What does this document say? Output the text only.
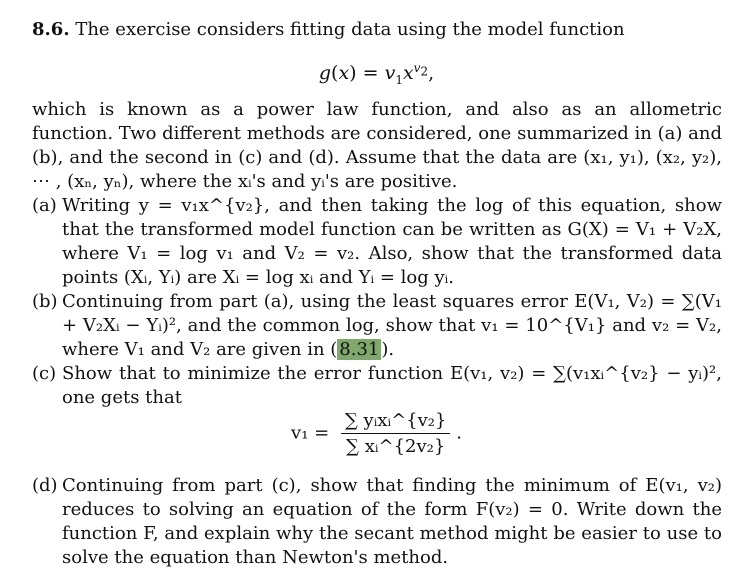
8.6. The exercise considers fitting data using the model function

$g(x) = v_1x^{v_2}$,

which is known as a power law function, and also as an allometric function. Two different methods are considered, one summarized in (a) and (b), and the second in (c) and (d). Assume that the data are (x₁, y₁), (x₂, y₂), ⋯ , (xₙ, yₙ), where the xᵢ's and yᵢ's are positive.

(a) Writing y = v₁x^{v₂}, and then taking the log of this equation, show that the transformed model function can be written as G(X) = V₁ + V₂X, where V₁ = log v₁ and V₂ = v₂. Also, show that the transformed data points (Xᵢ, Yᵢ) are Xᵢ = log xᵢ and Yᵢ = log yᵢ.
(b) Continuing from part (a), using the least squares error E(V₁, V₂) = ∑(V₁ + V₂Xᵢ − Yᵢ)², and the common log, show that v₁ = 10^{V₁} and v₂ = V₂, where V₁ and V₂ are given in ( 8.31 ).
(c) Show that to minimize the error function E(v₁, v₂) = ∑(v₁xᵢ^{v₂} − yᵢ)², one gets that
$v_1 = \frac{\text{∑ yᵢxᵢ\textasciicircum{}\{v₂\}}}{\text{∑ xᵢ\textasciicircum{}\{2v₂\}}}$ .
(d) Continuing from part (c), show that finding the minimum of E(v₁, v₂) reduces to solving an equation of the form F(v₂) = 0. Write down the function F, and explain why the secant method might be easier to use to solve the equation than Newton's method.
